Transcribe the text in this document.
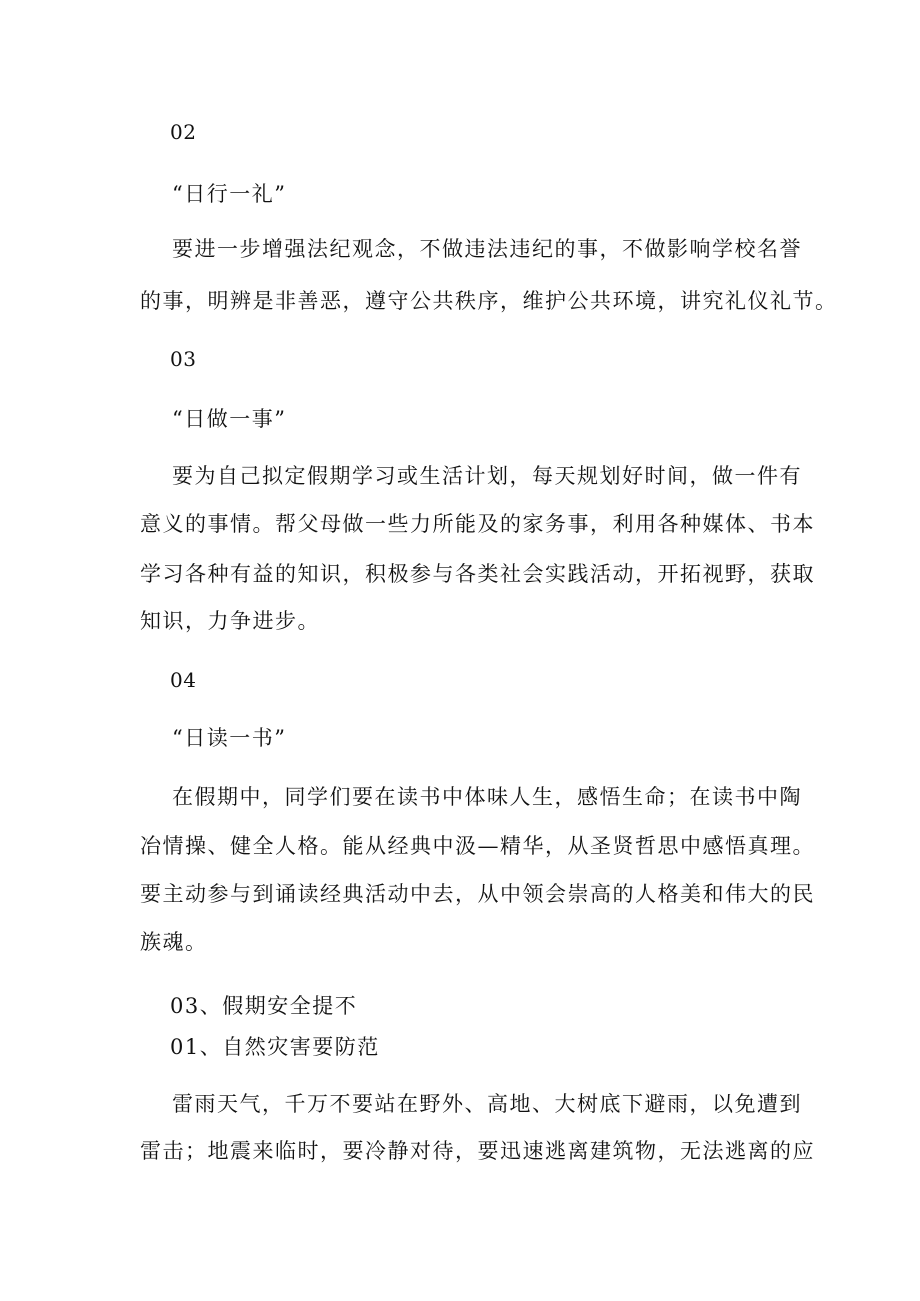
02
“日行一礼”
要进一步增强法纪观念，不做违法违纪的事，不做影响学校名誉
的事，明辨是非善恶，遵守公共秩序，维护公共环境，讲究礼仪礼节。
03
“日做一事”
要为自己拟定假期学习或生活计划，每天规划好时间，做一件有
意义的事情。帮父母做一些力所能及的家务事，利用各种媒体、书本
学习各种有益的知识，积极参与各类社会实践活动，开拓视野，获取
知识，力争进步。
04
“日读一书”
在假期中，同学们要在读书中体味人生，感悟生命；在读书中陶
冶情操、健全人格。能从经典中汲—精华，从圣贤哲思中感悟真理。
要主动参与到诵读经典活动中去，从中领会崇高的人格美和伟大的民
族魂。
03、假期安全提不
01、自然灾害要防范
雷雨天气，千万不要站在野外、高地、大树底下避雨，以免遭到
雷击；地震来临时，要冷静对待，要迅速逃离建筑物，无法逃离的应
